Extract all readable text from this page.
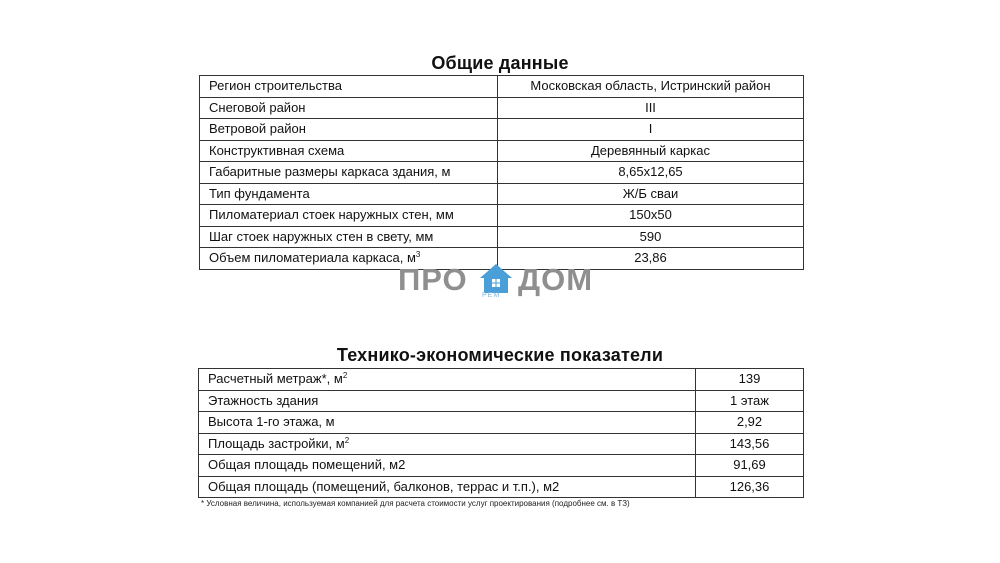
Общие данные
Регион строительства	Московская область, Истринский район
Снеговой район	III
Ветровой район	I
Конструктивная схема	Деревянный каркас
Габаритные размеры каркаса здания, м	8,65х12,65
Тип фундамента	Ж/Б сваи
Пиломатериал стоек наружных стен, мм	150х50
Шаг стоек наружных стен в свету, мм	590
Объем пиломатериала каркаса, $м^3$	23,86
ПРО ДОМ
РЕМ
Технико-экономические показатели
Расчетный метраж*, $м^2$	139
Этажность здания	1 этаж
Высота 1-го этажа, м	2,92
Площадь застройки, $м^2$	143,56
Общая площадь помещений, м2	91,69
Общая площадь (помещений, балконов, террас и т.п.), м2	126,36
* Условная величина, используемая компанией для расчета стоимости услуг проектирования (подробнее см. в ТЗ)
